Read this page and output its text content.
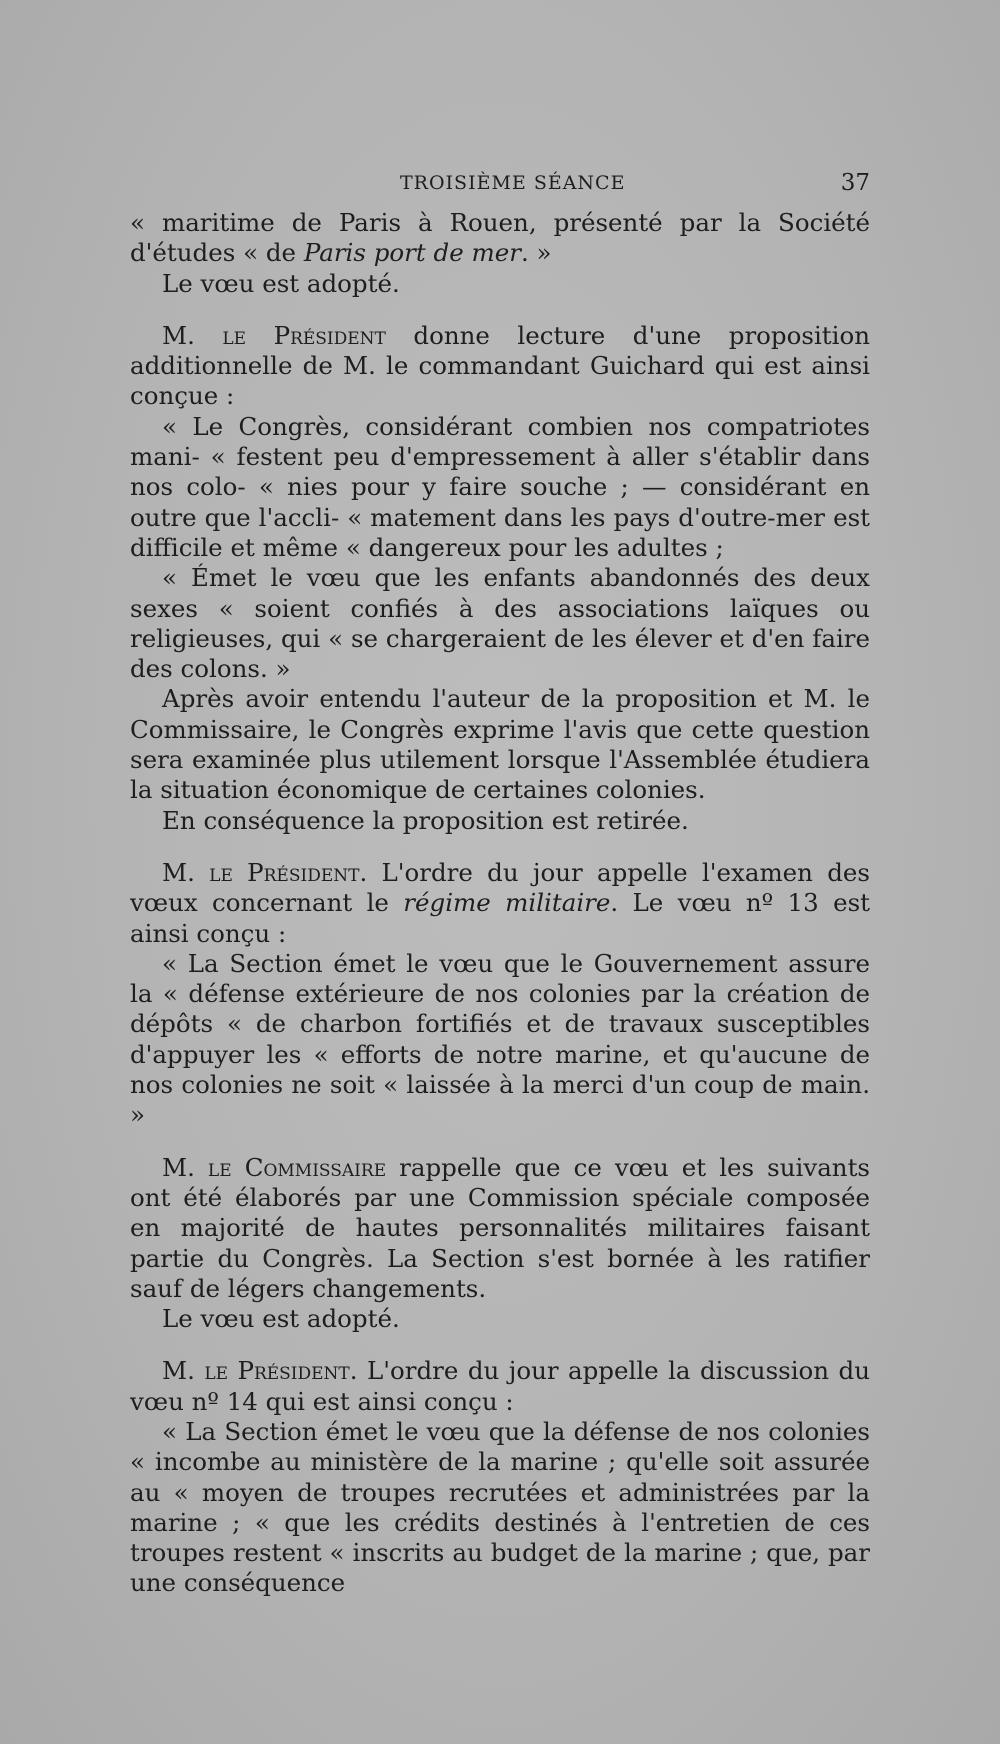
TROISIÈME SÉANCE	37

« maritime de Paris à Rouen, présenté par la Société d'études « de Paris port de mer. »

Le vœu est adopté.

M. le Président donne lecture d'une proposition additionnelle de M. le commandant Guichard qui est ainsi conçue :

« Le Congrès, considérant combien nos compatriotes mani- « festent peu d'empressement à aller s'établir dans nos colo- « nies pour y faire souche ; — considérant en outre que l'accli- « matement dans les pays d'outre-mer est difficile et même « dangereux pour les adultes ;

« Émet le vœu que les enfants abandonnés des deux sexes « soient confiés à des associations laïques ou religieuses, qui « se chargeraient de les élever et d'en faire des colons. »

Après avoir entendu l'auteur de la proposition et M. le Commissaire, le Congrès exprime l'avis que cette question sera examinée plus utilement lorsque l'Assemblée étudiera la situation économique de certaines colonies.

En conséquence la proposition est retirée.

M. le Président. L'ordre du jour appelle l'examen des vœux concernant le régime militaire. Le vœu nº 13 est ainsi conçu :

« La Section émet le vœu que le Gouvernement assure la « défense extérieure de nos colonies par la création de dépôts « de charbon fortifiés et de travaux susceptibles d'appuyer les « efforts de notre marine, et qu'aucune de nos colonies ne soit « laissée à la merci d'un coup de main. »

M. le Commissaire rappelle que ce vœu et les suivants ont été élaborés par une Commission spéciale composée en majorité de hautes personnalités militaires faisant partie du Congrès. La Section s'est bornée à les ratifier sauf de légers changements.

Le vœu est adopté.

M. le Président. L'ordre du jour appelle la discussion du vœu nº 14 qui est ainsi conçu :

« La Section émet le vœu que la défense de nos colonies « incombe au ministère de la marine ; qu'elle soit assurée au « moyen de troupes recrutées et administrées par la marine ; « que les crédits destinés à l'entretien de ces troupes restent « inscrits au budget de la marine ; que, par une conséquence
